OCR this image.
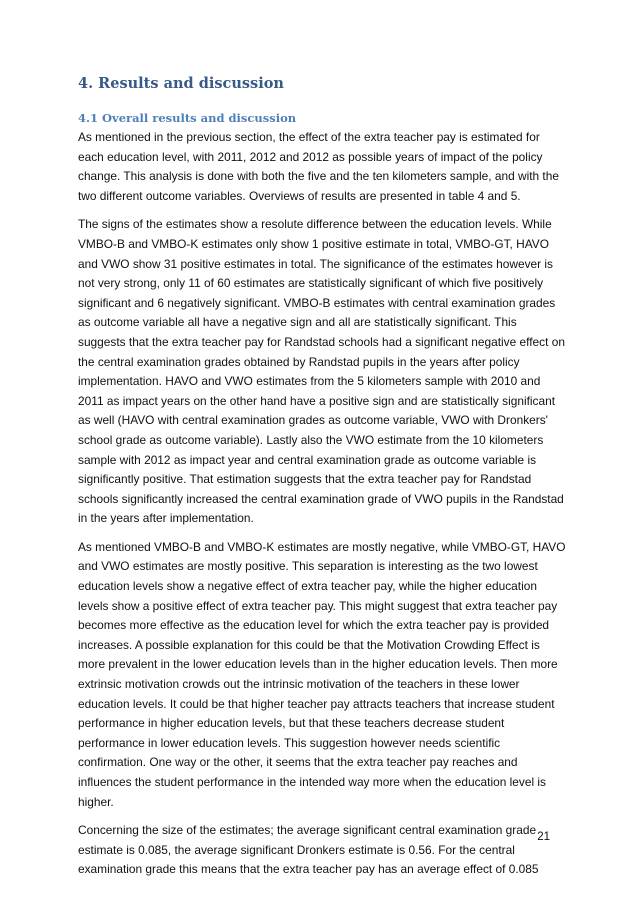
4. Results and discussion
4.1 Overall results and discussion

As mentioned in the previous section, the effect of the extra teacher pay is estimated for each education level, with 2011, 2012 and 2012 as possible years of impact of the policy change. This analysis is done with both the five and the ten kilometers sample, and with the two different outcome variables. Overviews of results are presented in table 4 and 5.

The signs of the estimates show a resolute difference between the education levels. While VMBO-B and VMBO-K estimates only show 1 positive estimate in total, VMBO-GT, HAVO and VWO show 31 positive estimates in total. The significance of the estimates however is not very strong, only 11 of 60 estimates are statistically significant of which five positively significant and 6 negatively significant. VMBO-B estimates with central examination grades as outcome variable all have a negative sign and all are statistically significant. This suggests that the extra teacher pay for Randstad schools had a significant negative effect on the central examination grades obtained by Randstad pupils in the years after policy implementation. HAVO and VWO estimates from the 5 kilometers sample with 2010 and 2011 as impact years on the other hand have a positive sign and are statistically significant as well (HAVO with central examination grades as outcome variable, VWO with Dronkers' school grade as outcome variable). Lastly also the VWO estimate from the 10 kilometers sample with 2012 as impact year and central examination grade as outcome variable is significantly positive. That estimation suggests that the extra teacher pay for Randstad schools significantly increased the central examination grade of VWO pupils in the Randstad in the years after implementation.

As mentioned VMBO-B and VMBO-K estimates are mostly negative, while VMBO-GT, HAVO and VWO estimates are mostly positive. This separation is interesting as the two lowest education levels show a negative effect of extra teacher pay, while the higher education levels show a positive effect of extra teacher pay. This might suggest that extra teacher pay becomes more effective as the education level for which the extra teacher pay is provided increases. A possible explanation for this could be that the Motivation Crowding Effect is more prevalent in the lower education levels than in the higher education levels. Then more extrinsic motivation crowds out the intrinsic motivation of the teachers in these lower education levels. It could be that higher teacher pay attracts teachers that increase student performance in higher education levels, but that these teachers decrease student performance in lower education levels. This suggestion however needs scientific confirmation. One way or the other, it seems that the extra teacher pay reaches and influences the student performance in the intended way more when the education level is higher.

Concerning the size of the estimates; the average significant central examination grade estimate is 0.085, the average significant Dronkers estimate is 0.56. For the central examination grade this means that the extra teacher pay has an average effect of 0.085

21
